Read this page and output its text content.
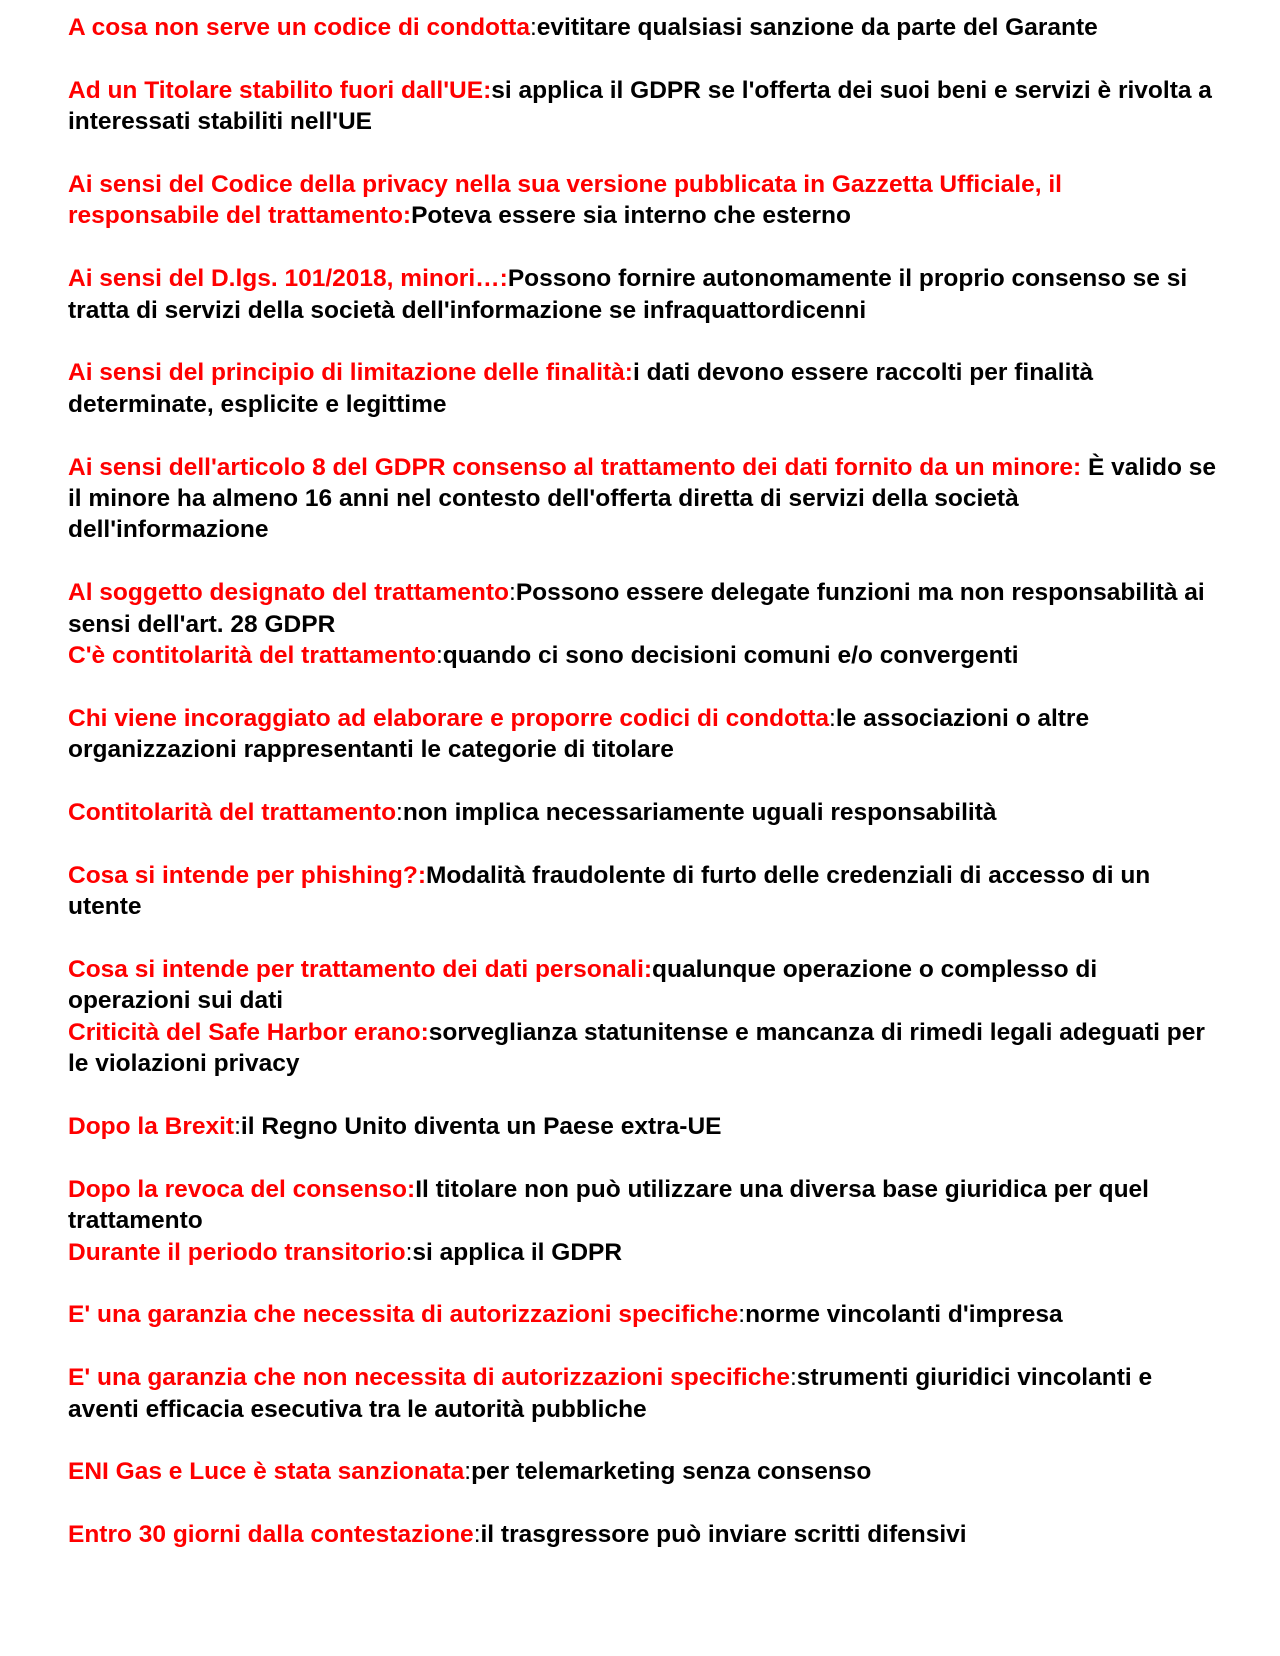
A cosa non serve un codice di condotta:evititare qualsiasi sanzione da parte del Garante

Ad un Titolare stabilito fuori dall'UE:si applica il GDPR se l'offerta dei suoi beni e servizi è rivolta a interessati stabiliti nell'UE

Ai sensi del Codice della privacy nella sua versione pubblicata in Gazzetta Ufficiale, il responsabile del trattamento:Poteva essere sia interno che esterno

Ai sensi del D.lgs. 101/2018, minori…:Possono fornire autonomamente il proprio consenso se si tratta di servizi della società dell'informazione se infraquattordicenni

Ai sensi del principio di limitazione delle finalità:i dati devono essere raccolti per finalità determinate, esplicite e legittime

Ai sensi dell'articolo 8 del GDPR consenso al trattamento dei dati fornito da un minore: È valido se il minore ha almeno 16 anni nel contesto dell'offerta diretta di servizi della società dell'informazione

Al soggetto designato del trattamento:Possono essere delegate funzioni ma non responsabilità ai sensi dell'art. 28 GDPR

C'è contitolarità del trattamento:quando ci sono decisioni comuni e/o convergenti

Chi viene incoraggiato ad elaborare e proporre codici di condotta:le associazioni o altre organizzazioni rappresentanti le categorie di titolare

Contitolarità del trattamento:non implica necessariamente uguali responsabilità

Cosa si intende per phishing?:Modalità fraudolente di furto delle credenziali di accesso di un utente

Cosa si intende per trattamento dei dati personali:qualunque operazione o complesso di operazioni sui dati

Criticità del Safe Harbor erano:sorveglianza statunitense e mancanza di rimedi legali adeguati per le violazioni privacy

Dopo la Brexit:il Regno Unito diventa un Paese extra-UE

Dopo la revoca del consenso:Il titolare non può utilizzare una diversa base giuridica per quel trattamento

Durante il periodo transitorio:si applica il GDPR

E' una garanzia che necessita di autorizzazioni specifiche:norme vincolanti d'impresa

E' una garanzia che non necessita di autorizzazioni specifiche:strumenti giuridici vincolanti e aventi efficacia esecutiva tra le autorità pubbliche

ENI Gas e Luce è stata sanzionata:per telemarketing senza consenso

Entro 30 giorni dalla contestazione:il trasgressore può inviare scritti difensivi
